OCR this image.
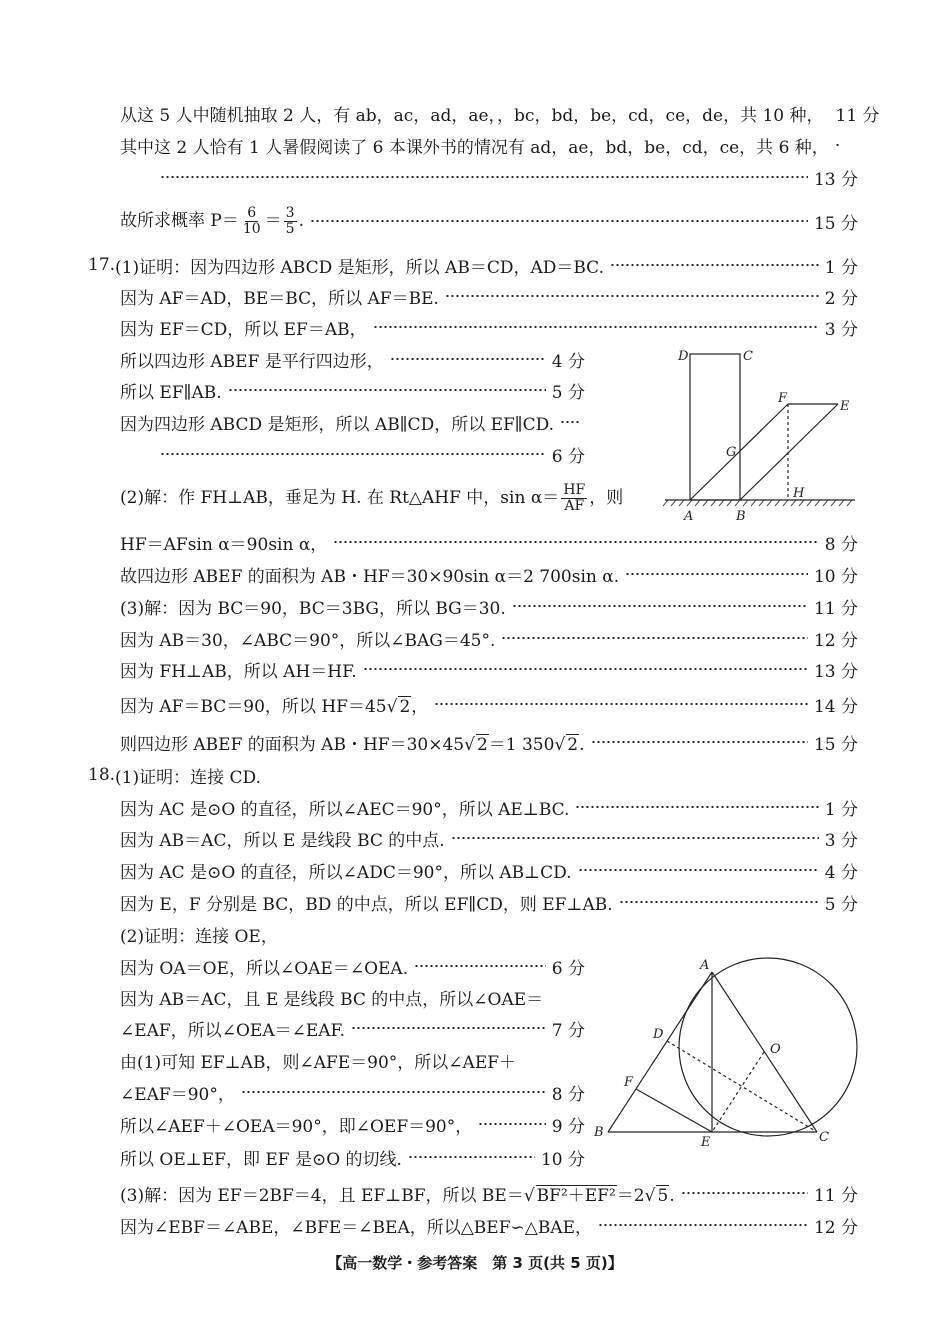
从这 5 人中随机抽取 2 人，有 ab，ac，ad，ae，，bc，bd，be，cd，ce，de，共 10 种， 11 分
其中这 2 人恰有 1 人暑假阅读了 6 本课外书的情况有 ad，ae，bd，be，cd，ce，共 6 种，
13 分
故所求概率 $P= \frac{6}{10} = \frac{3}{5}$ .	15 分
17. (1)证明：因为四边形 ABCD 是矩形，所以 AB＝CD，AD＝BC.	1 分
因为 AF＝AD，BE＝BC，所以 AF＝BE.	2 分
因为 EF＝CD，所以 EF＝AB，	3 分
所以四边形 ABEF 是平行四边形，	4 分
所以 EF∥AB.	5 分
因为四边形 ABCD 是矩形，所以 AB∥CD，所以 EF∥CD.
6 分
(2)解：作 FH⊥AB，垂足为 H. 在 Rt△AHF 中，$\sin \alpha= \frac{HF}{AF}$ ，则
D	C
F
E
G
H
A	B
HF＝AFsin α＝90sin α，	8 分
故四边形 ABEF 的面积为 AB・HF＝30×90sin α＝2 700sin α.	10 分
(3)解：因为 BC＝90，BC＝3BG，所以 BG＝30.	11 分
因为 AB＝30，∠ABC＝90°，所以∠BAG＝45°.	12 分
因为 FH⊥AB，所以 AH＝HF.	13 分
因为 AF＝BC＝90，所以 HF＝45√ 2，	14 分
则四边形 ABEF 的面积为 AB・HF＝30×45√ 2＝1 350√ 2.	15 分
18. (1)证明：连接 CD.
因为 AC 是⊙O 的直径，所以∠AEC＝90°，所以 AE⊥BC.	1 分
因为 AB＝AC，所以 E 是线段 BC 的中点.	3 分
因为 AC 是⊙O 的直径，所以∠ADC＝90°，所以 AB⊥CD.	4 分
因为 E，F 分别是 BC，BD 的中点，所以 EF∥CD，则 EF⊥AB.	5 分
(2)证明：连接 OE，
因为 OA＝OE，所以∠OAE＝∠OEA.	6 分
因为 AB＝AC，且 E 是线段 BC 的中点，所以∠OAE＝
∠EAF，所以∠OEA＝∠EAF.	7 分
由(1)可知 EF⊥AB，则∠AFE＝90°，所以∠AEF＋
∠EAF＝90°，	8 分
所以∠AEF＋∠OEA＝90°，即∠OEF＝90°，	9 分
所以 OE⊥EF，即 EF 是⊙O 的切线.	10 分
A
D
O
F
B
E	C
(3)解：因为 EF＝2BF＝4，且 EF⊥BF，所以 BE＝√ BF²＋EF²＝2√ 5.	11 分
因为∠EBF＝∠ABE，∠BFE＝∠BEA，所以△BEF∽△BAE，	12 分
【高一数学・参考答案　第 3 页(共 5 页)】
